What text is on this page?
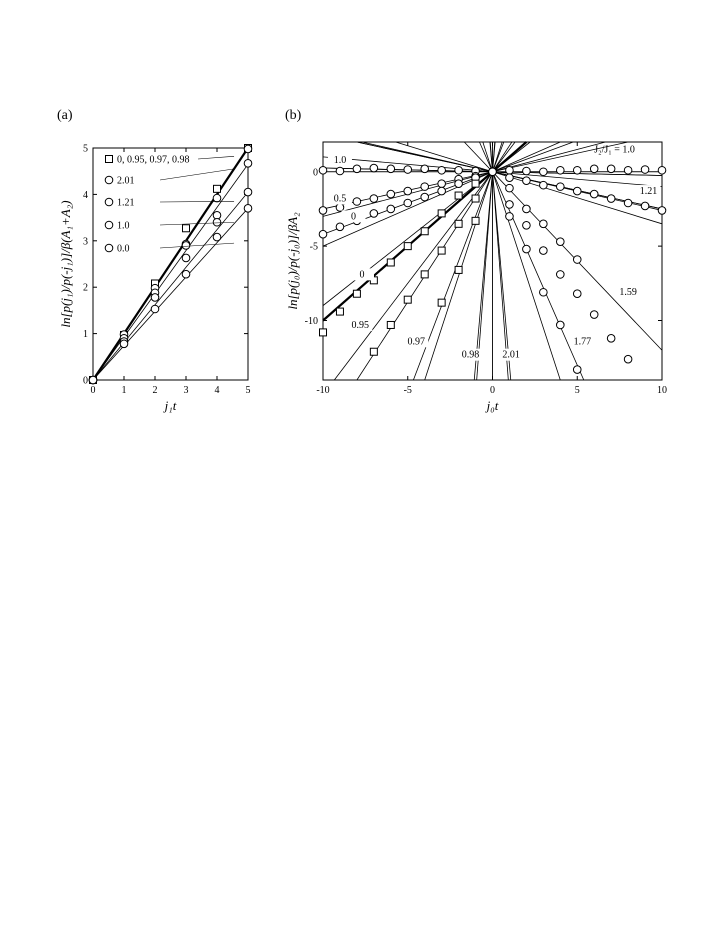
(a)	(b)
0	1	2	3	4	5
0
1
2
3
4
5
0, 0.95, 0.97, 0.98
2.01
1.21
1.0
0.0
j₁t
ln[p(j₁)/p(-j₁)]/β(A₁+A₂)
-10	-5	0	5	10
0
-5
-10
1.0
0.5
0
0
0.95
0.97
0.98 2.01
1.77
1.59
1.21
J₂/J₁ = 1.0
j₀t
ln[p(j₀)/p(-j₀)]/βA₂
